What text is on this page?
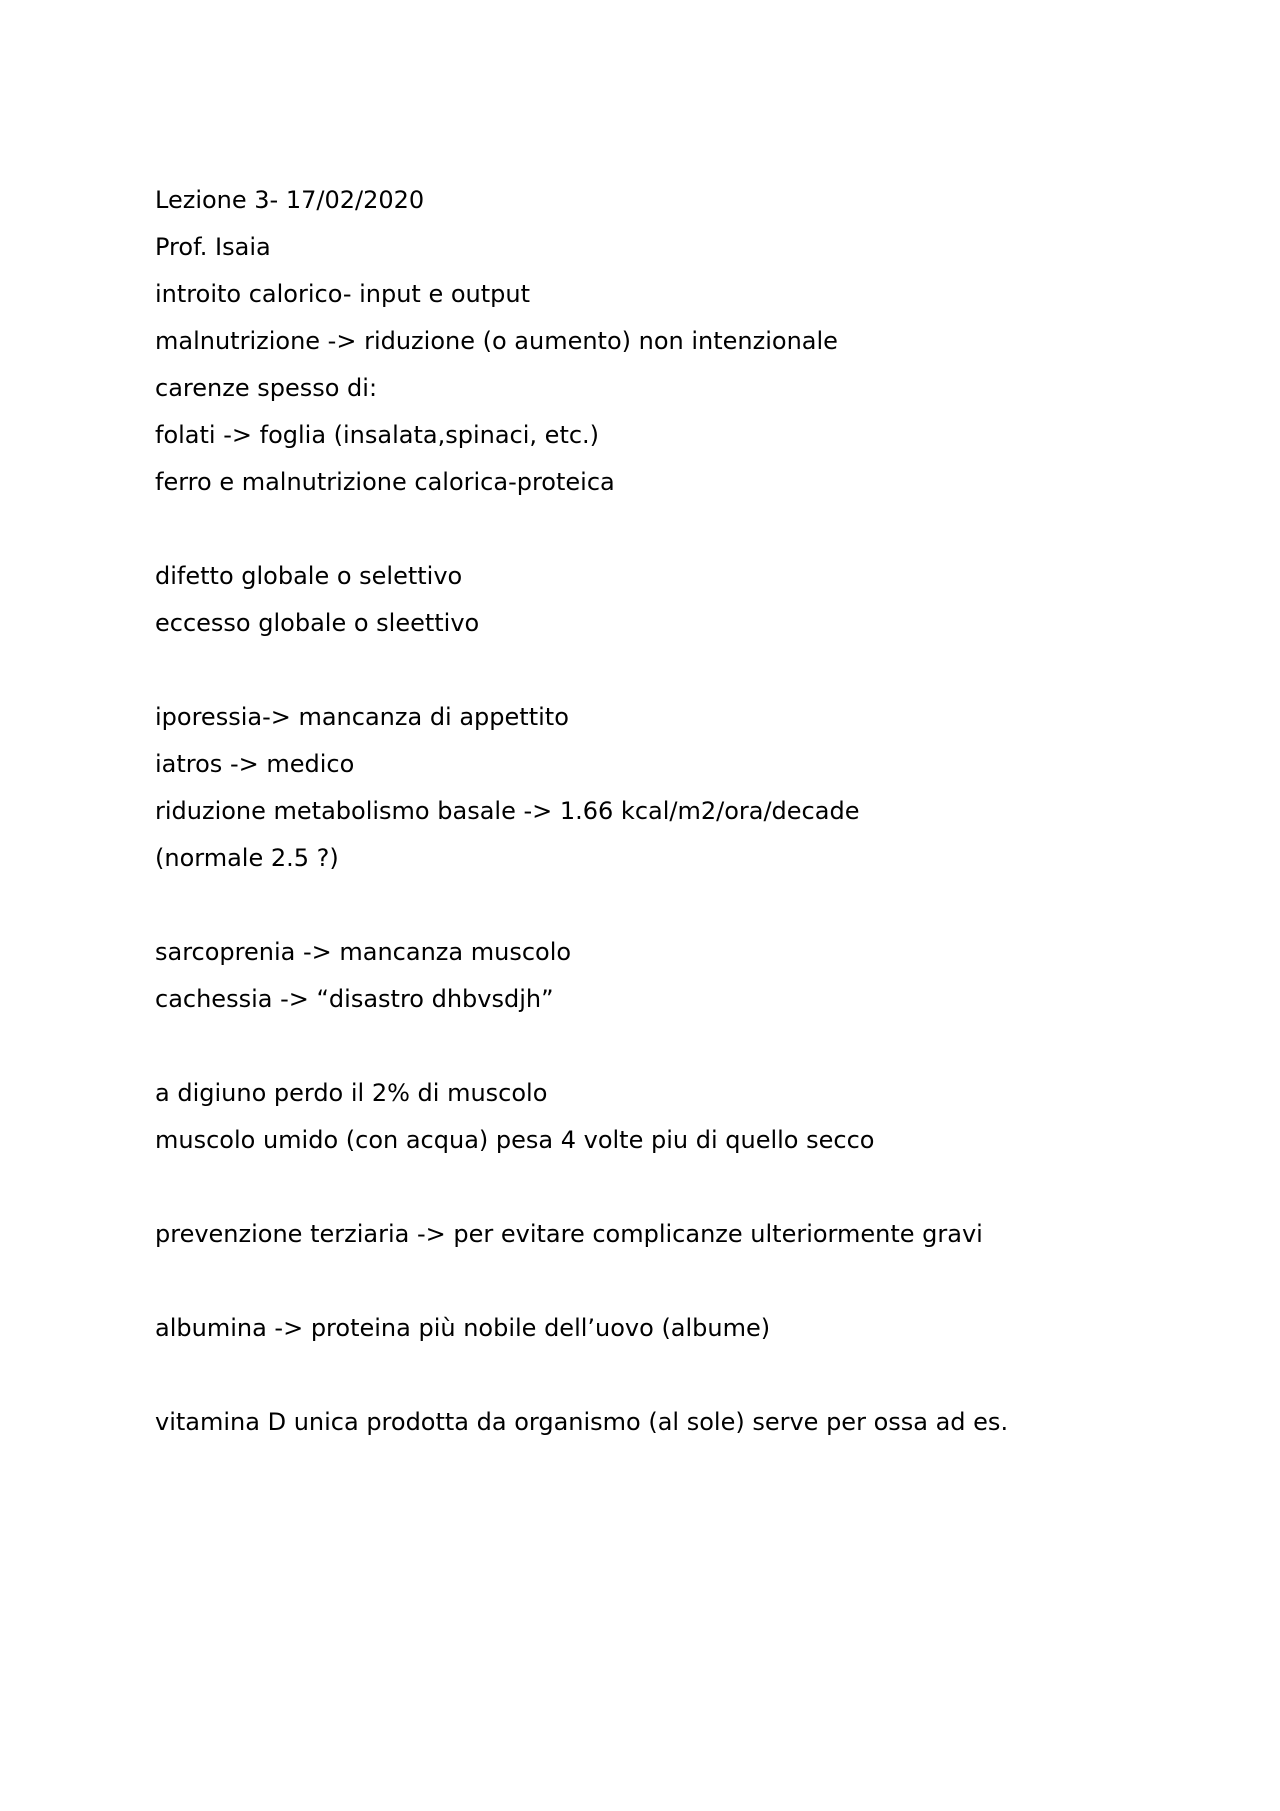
Lezione 3- 17/02/2020
Prof. Isaia
introito calorico- input e output
malnutrizione -> riduzione (o aumento) non intenzionale
carenze spesso di:
folati -> foglia (insalata,spinaci, etc.)
ferro e malnutrizione calorica-proteica
difetto globale o selettivo
eccesso globale o sleettivo
iporessia-> mancanza di appettito
iatros -> medico
riduzione metabolismo basale -> 1.66 kcal/m2/ora/decade
(normale 2.5 ?)
sarcoprenia -> mancanza muscolo
cachessia -> “disastro dhbvsdjh”
a digiuno perdo il 2% di muscolo
muscolo umido (con acqua) pesa 4 volte piu di quello secco
prevenzione terziaria -> per evitare complicanze ulteriormente gravi
albumina -> proteina più nobile dell’uovo (albume)
vitamina D unica prodotta da organismo (al sole) serve per ossa ad es.
